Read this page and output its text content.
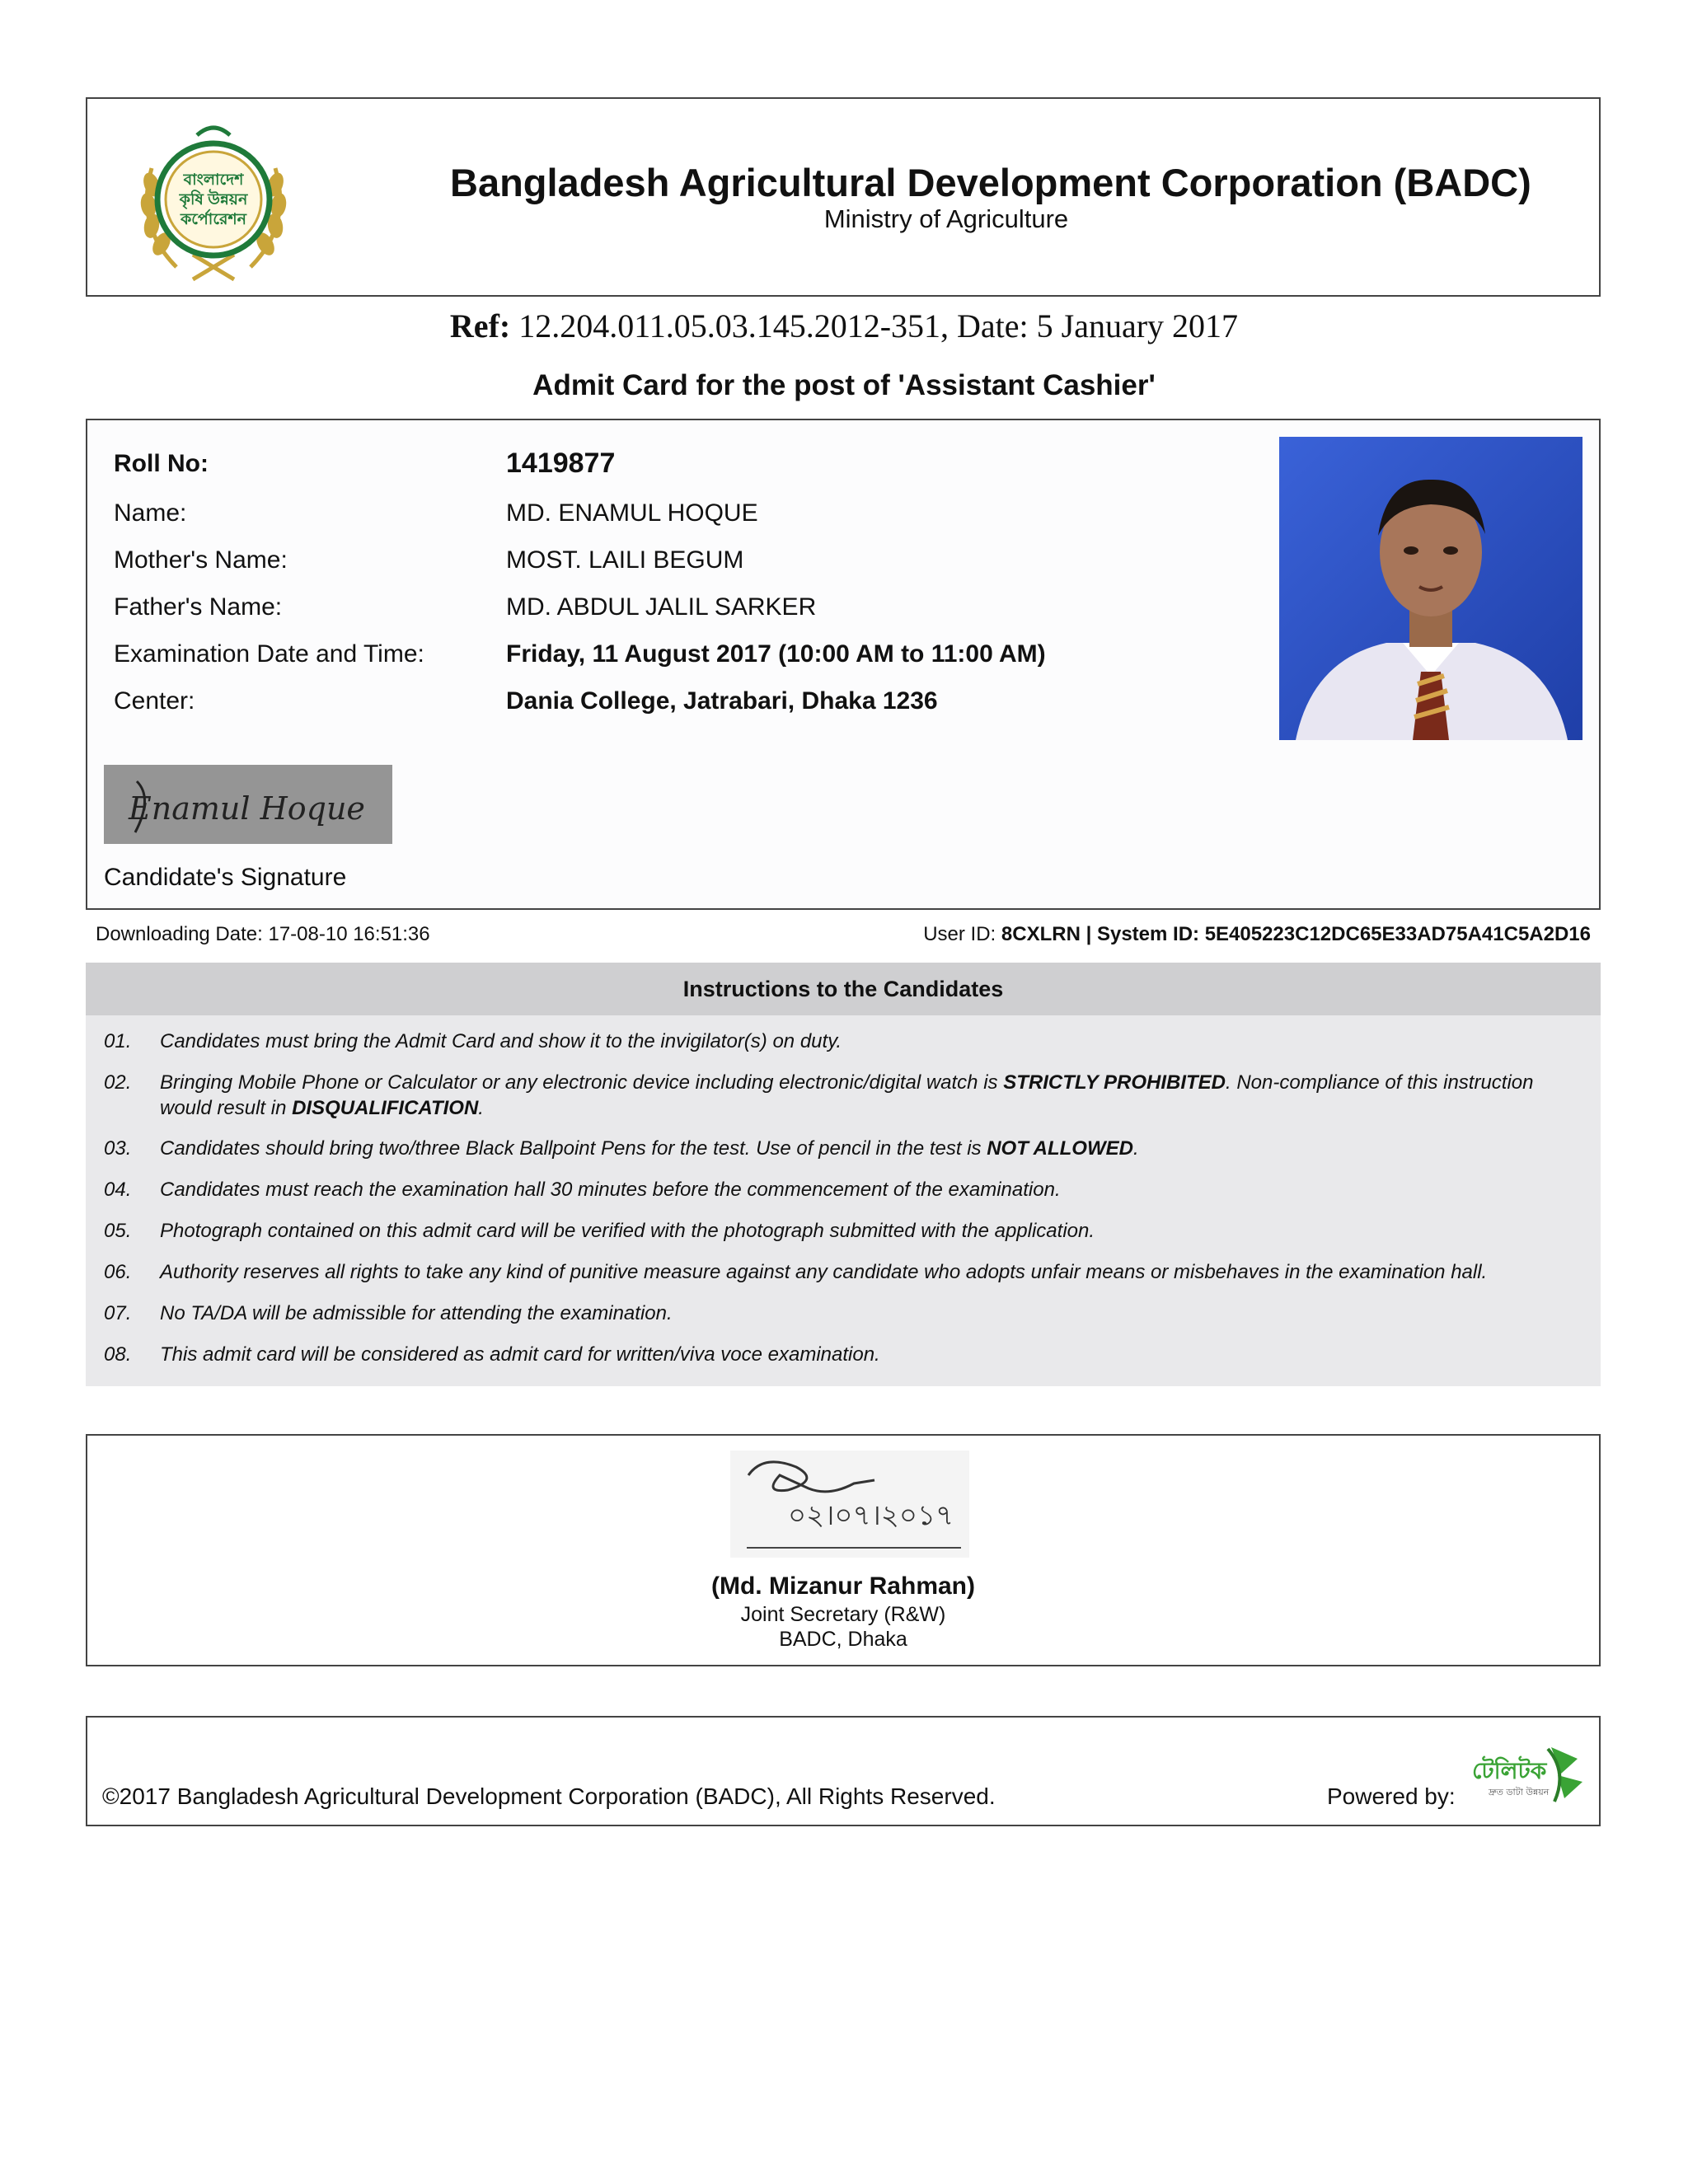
বাংলাদেশ
কৃষি উন্নয়ন
কর্পোরেশন
Bangladesh Agricultural Development Corporation (BADC)
Ministry of Agriculture
Ref: 12.204.011.05.03.145.2012-351, Date: 5 January 2017
Admit Card for the post of 'Assistant Cashier'
Roll No:	1419877
Name:	MD. ENAMUL HOQUE
Mother's Name:	MOST. LAILI BEGUM
Father's Name:	MD. ABDUL JALIL SARKER
Examination Date and Time:	Friday, 11 August 2017 (10:00 AM to 11:00 AM)
Center:	Dania College, Jatrabari, Dhaka 1236
Enamul Hoque
Candidate's Signature
Downloading Date: 17-08-10 16:51:36	User ID: 8CXLRN | System ID: 5E405223C12DC65E33AD75A41C5A2D16
Instructions to the Candidates
01.	Candidates must bring the Admit Card and show it to the invigilator(s) on duty.
02.	Bringing Mobile Phone or Calculator or any electronic device including electronic/digital watch is STRICTLY PROHIBITED. Non-compliance of this instruction would result in DISQUALIFICATION.
03.	Candidates should bring two/three Black Ballpoint Pens for the test. Use of pencil in the test is NOT ALLOWED.
04.	Candidates must reach the examination hall 30 minutes before the commencement of the examination.
05.	Photograph contained on this admit card will be verified with the photograph submitted with the application.
06.	Authority reserves all rights to take any kind of punitive measure against any candidate who adopts unfair means or misbehaves in the examination hall.
07.	No TA/DA will be admissible for attending the examination.
08.	This admit card will be considered as admit card for written/viva voce examination.
০২।০৭।২০১৭
(Md. Mizanur Rahman)
Joint Secretary (R&W)
BADC, Dhaka
©2017 Bangladesh Agricultural Development Corporation (BADC), All Rights Reserved.	Powered by:
টেলিটক
দ্রুত ডাটা উন্নয়ন
